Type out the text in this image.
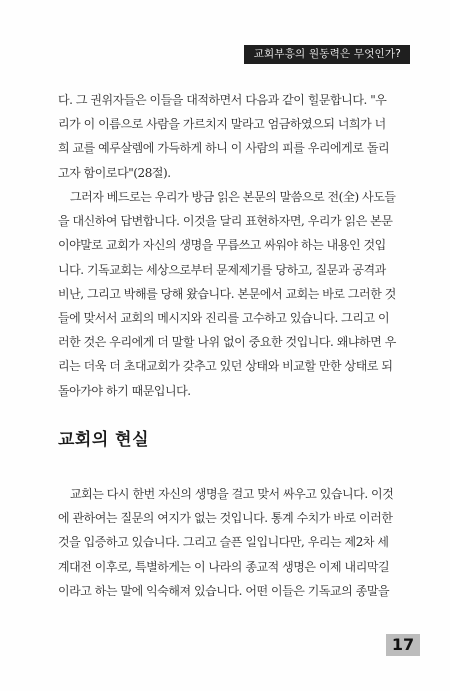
교회부흥의 원동력은 무엇인가?
다. 그 권위자들은 이들을 대적하면서 다음과 같이 힐문합니다. "우
리가 이 이름으로 사람을 가르치지 말라고 엄금하였으되 너희가 너
희 교를 예루살렘에 가득하게 하니 이 사람의 피를 우리에게로 돌리
고자 함이로다"(28절).
그러자 베드로는 우리가 방금 읽은 본문의 말씀으로 전(全) 사도들
을 대신하여 답변합니다. 이것을 달리 표현하자면, 우리가 읽은 본문
이야말로 교회가 자신의 생명을 무릅쓰고 싸워야 하는 내용인 것입
니다. 기독교회는 세상으로부터 문제제기를 당하고, 질문과 공격과
비난, 그리고 박해를 당해 왔습니다. 본문에서 교회는 바로 그러한 것
들에 맞서서 교회의 메시지와 진리를 고수하고 있습니다. 그리고 이
러한 것은 우리에게 더 말할 나위 없이 중요한 것입니다. 왜냐하면 우
리는 더욱 더 초대교회가 갖추고 있던 상태와 비교할 만한 상태로 되
돌아가야 하기 때문입니다.
교회의 현실
교회는 다시 한번 자신의 생명을 걸고 맞서 싸우고 있습니다. 이것
에 관하여는 질문의 여지가 없는 것입니다. 통계 수치가 바로 이러한
것을 입증하고 있습니다. 그리고 슬픈 일입니다만, 우리는 제2차 세
계대전 이후로, 특별하게는 이 나라의 종교적 생명은 이제 내리막길
이라고 하는 말에 익숙해져 있습니다. 어떤 이들은 기독교의 종말을
17
